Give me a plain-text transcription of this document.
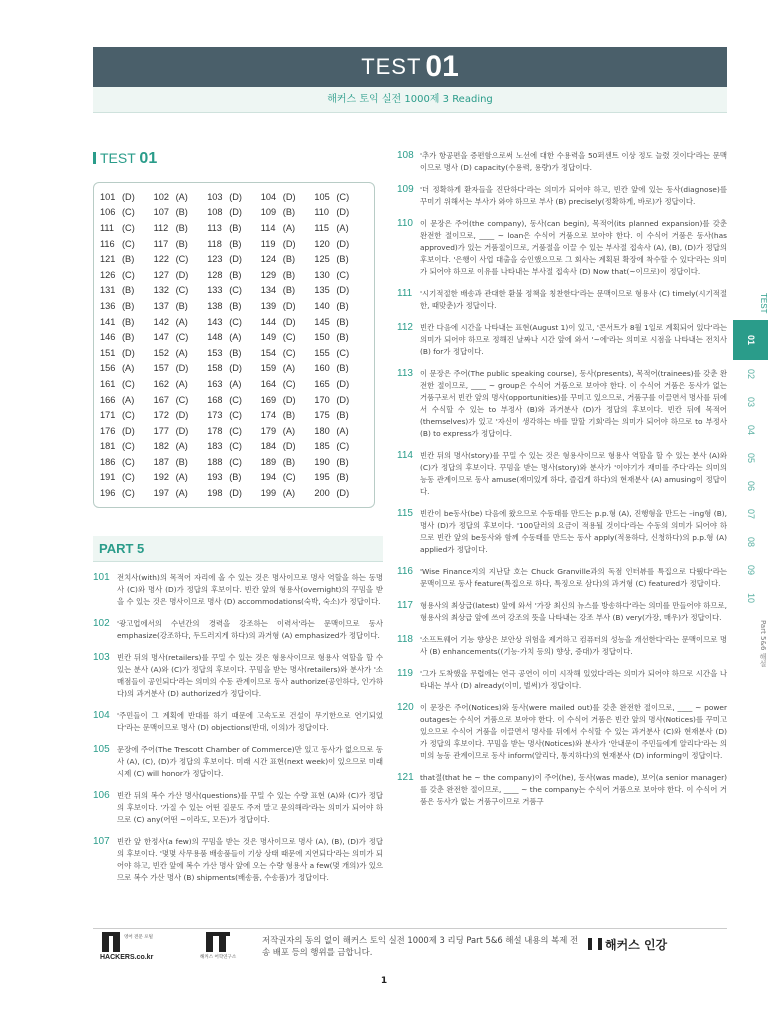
TEST 01
해커스 토익 실전 1000제 3 Reading
TEST 01
101 (D)	102 (A)	103 (D)	104 (D)	105 (C)
106 (C)	107 (B)	108 (D)	109 (B)	110 (D)
111 (C)	112 (B)	113 (B)	114 (A)	115 (A)
116 (C)	117 (B)	118 (B)	119 (D)	120 (D)
121 (B)	122 (C)	123 (D)	124 (B)	125 (B)
126 (C)	127 (D)	128 (B)	129 (B)	130 (C)
131 (B)	132 (C)	133 (C)	134 (B)	135 (D)
136 (B)	137 (B)	138 (B)	139 (D)	140 (B)
141 (B)	142 (A)	143 (C)	144 (D)	145 (B)
146 (B)	147 (C)	148 (A)	149 (C)	150 (B)
151 (D)	152 (A)	153 (B)	154 (C)	155 (C)
156 (A)	157 (D)	158 (D)	159 (A)	160 (B)
161 (C)	162 (A)	163 (A)	164 (C)	165 (D)
166 (A)	167 (C)	168 (C)	169 (D)	170 (D)
171 (C)	172 (D)	173 (C)	174 (B)	175 (B)
176 (D)	177 (D)	178 (C)	179 (A)	180 (A)
181 (C)	182 (A)	183 (C)	184 (D)	185 (C)
186 (C)	187 (B)	188 (C)	189 (B)	190 (B)
191 (C)	192 (A)	193 (B)	194 (C)	195 (B)
196 (C)	197 (A)	198 (D)	199 (A)	200 (D)
PART 5
101 전치사(with)의 목적어 자리에 올 수 있는 것은 명사이므로 명사 역할을 하는 동명사 (C)와 명사 (D)가 정답의 후보이다. 빈칸 앞의 형용사(overnight)의 꾸밈을 받을 수 있는 것은 명사이므로 명사 (D) accommodations(숙박, 숙소)가 정답이다.
102 '광고업에서의 수년간의 경력을 강조하는 이력서'라는 문맥이므로 동사 emphasize(강조하다, 두드러지게 하다)의 과거형 (A) emphasized가 정답이다.
103 빈칸 뒤의 명사(retailers)를 꾸밀 수 있는 것은 형용사이므로 형용사 역할을 할 수 있는 분사 (A)와 (C)가 정답의 후보이다. 꾸밈을 받는 명사(retailers)와 분사가 '소매점들이 공인되다'라는 의미의 수동 관계이므로 동사 authorize(공인하다, 인가하다)의 과거분사 (D) authorized가 정답이다.
104 '주민들이 그 계획에 반대를 하기 때문에 고속도로 건설이 무기한으로 연기되었다'라는 문맥이므로 명사 (D) objections(반대, 이의)가 정답이다.
105 문장에 주어(The Trescott Chamber of Commerce)만 있고 동사가 없으므로 동사 (A), (C), (D)가 정답의 후보이다. 미래 시간 표현(next week)이 있으므로 미래 시제 (C) will honor가 정답이다.
106 빈칸 뒤의 복수 가산 명사(questions)를 꾸밀 수 있는 수량 표현 (A)와 (C)가 정답의 후보이다. '가질 수 있는 어떤 질문도 주저 말고 문의해라'라는 의미가 되어야 하므로 (C) any(어떤 ~이라도, 모든)가 정답이다.
107 빈칸 앞 한정사(a few)의 꾸밈을 받는 것은 명사이므로 명사 (A), (B), (D)가 정답의 후보이다. '몇몇 사무용품 배송품들이 기상 상태 때문에 지연되다'라는 의미가 되어야 하고, 빈칸 앞에 복수 가산 명사 앞에 오는 수량 형용사 a few(몇 개의)가 있으므로 복수 가산 명사 (B) shipments(배송품, 수송품)가 정답이다.
108 '추가 항공편을 증편함으로써 노선에 대한 수용력을 50퍼센트 이상 정도 늘렸 것이다'라는 문맥이므로 명사 (D) capacity(수용력, 용량)가 정답이다.
109 '더 정확하게 환자들을 진단하다'라는 의미가 되어야 하고, 빈칸 앞에 있는 동사(diagnose)를 꾸미기 위해서는 부사가 와야 하므로 부사 (B) precisely(정확하게, 바로)가 정답이다.
110 이 문장은 주어(the company), 동사(can begin), 목적어(its planned expansion)를 갖춘 완전한 절이므로, ____ ~ loan은 수식어 거품으로 보아야 한다. 이 수식어 거품은 동사(has approved)가 있는 거품절이므로, 거품절을 이끌 수 있는 부사절 접속사 (A), (B), (D)가 정답의 후보이다. '은행이 사업 대출을 승인했으므로 그 회사는 계획된 확장에 착수할 수 있다'라는 의미가 되어야 하므로 이유를 나타내는 부사절 접속사 (D) Now that(~이므로)이 정답이다.
111	'시기적절한 배송과 관대한 환불 정책을 칭찬한다'라는 문맥이므로 형용사 (C) timely(시기적절한, 때맞춘)가 정답이다.
112 빈칸 다음에 시간을 나타내는 표현(August 1)이 있고, '콘서트가 8월 1일로 계획되어 있다'라는 의미가 되어야 하므로 정해진 날짜나 시간 앞에 와서 '~에'라는 의미로 시점을 나타내는 전치사 (B) for가 정답이다.
113 이 문장은 주어(The public speaking course), 동사(presents), 목적어(trainees)를 갖춘 완전한 절이므로, ____ ~ group은 수식어 거품으로 보아야 한다. 이 수식어 거품은 동사가 없는 거품구로서 빈칸 앞의 명사(opportunities)를 꾸미고 있으므로, 거품구를 이끌면서 명사를 뒤에서 수식할 수 있는 to 부정사 (B)와 과거분사 (D)가 정답의 후보이다. 빈칸 뒤에 목적어(themselves)가 있고 '자신이 생각하는 바를 말할 기회'라는 의미가 되어야 하므로 to 부정사 (B) to express가 정답이다.
114 빈칸 뒤의 명사(story)를 꾸밀 수 있는 것은 형용사이므로 형용사 역할을 할 수 있는 분사 (A)와 (C)가 정답의 후보이다. 꾸밈을 받는 명사(story)와 분사가 '이야기가 재미를 주다'라는 의미의 능동 관계이므로 동사 amuse(재미있게 하다, 즐겁게 하다)의 현재분사 (A) amusing이 정답이다.
115 빈칸이 be동사(be) 다음에 왔으므로 수동태를 만드는 p.p.형 (A), 진행형을 만드는 –ing형 (B), 명사 (D)가 정답의 후보이다. '100달러의 요금이 적용될 것이다'라는 수동의 의미가 되어야 하므로 빈칸 앞의 be동사와 함께 수동태를 만드는 동사 apply(적용하다, 신청하다)의 p.p.형 (A) applied가 정답이다.
116 'Wise Finance지의 지난달 호는 Chuck Granville과의 독점 인터뷰를 특집으로 다뤘다'라는 문맥이므로 동사 feature(특집으로 하다, 특징으로 삼다)의 과거형 (C) featured가 정답이다.
117 형용사의 최상급(latest) 앞에 와서 '가장 최신의 뉴스를 방송하다'라는 의미를 만들어야 하므로, 형용사의 최상급 앞에 쓰여 강조의 뜻을 나타내는 강조 부사 (B) very(가장, 매우)가 정답이다.
118 '소프트웨어 기능 향상은 보안상 위험을 제거하고 컴퓨터의 성능을 개선한다'라는 문맥이므로 명사 (B) enhancements((기능·가치 등의) 향상, 증대)가 정답이다.
119 '그가 도착했을 무렵에는 연극 공연이 이미 시작해 있었다'라는 의미가 되어야 하므로 시간을 나타내는 부사 (D) already(이미, 벌써)가 정답이다.
120 이 문장은 주어(Notices)와 동사(were mailed out)를 갖춘 완전한 절이므로, ____ ~ power outages는 수식어 거품으로 보아야 한다. 이 수식어 거품은 빈칸 앞의 명사(Notices)를 꾸미고 있으므로 수식어 거품을 이끌면서 명사를 뒤에서 수식할 수 있는 과거분사 (C)와 현재분사 (D)가 정답의 후보이다. 꾸밈을 받는 명사(Notices)와 분사가 '안내문이 주민들에게 알리다'라는 의미의 능동 관계이므로 동사 inform(알리다, 통지하다)의 현재분사 (D) informing이 정답이다.
121 that절(that he ~ the company)이 주어(he), 동사(was made), 보어(a senior manager)를 갖춘 완전한 절이므로, ____ ~ the company는 수식어 거품으로 보아야 한다. 이 수식어 거품은 동사가 없는 거품구이므로 거품구
TEST
01
02
03
04
05
06
07
08
09
10
Part 5&6 해설
영어 전문 포털
HACKERS.co.kr	해커스 어학연구소
저작권자의 동의 없이 해커스 토익 실전 1000제 3 리딩 Part 5&6 해설 내용의 복제 전송 배포 등의 행위를 금합니다.	해커스 인강
1
